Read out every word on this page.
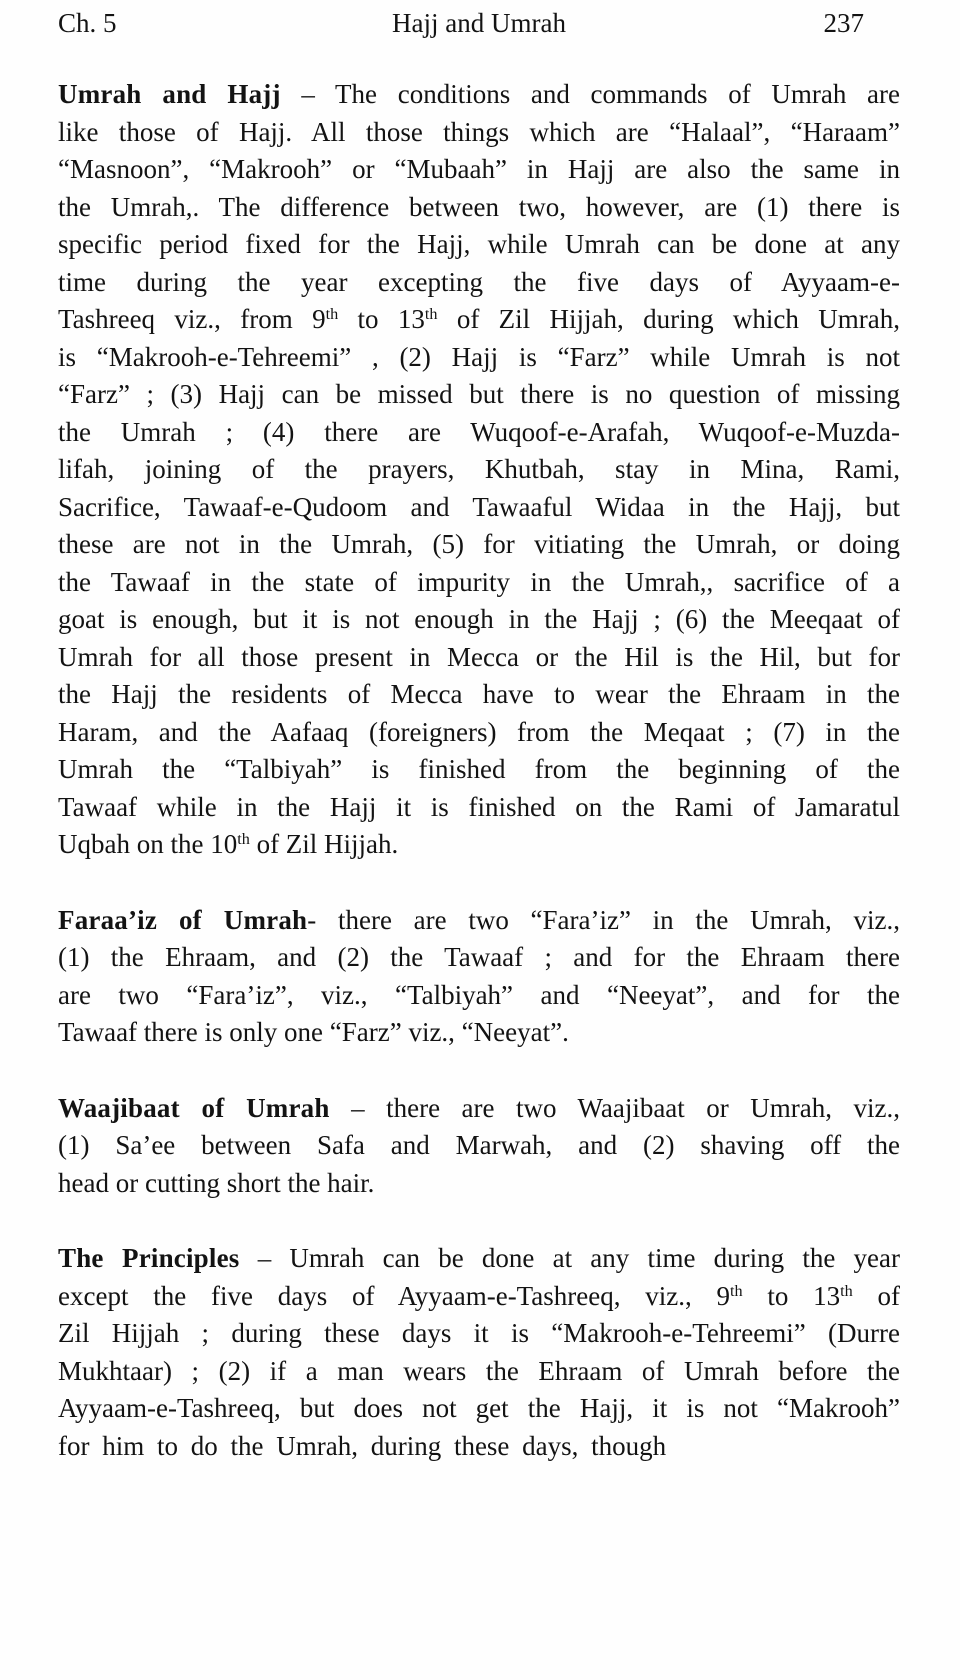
Ch. 5	Hajj and Umrah	237
Umrah and Hajj – The conditions and commands of Umrah are
like those of Hajj. All those things which are “Halaal”, “Haraam”
“Masnoon”, “Makrooh” or “Mubaah” in Hajj are also the same in
the Umrah,. The difference between two, however, are (1) there is
specific period fixed for the Hajj, while Umrah can be done at any
time during the year excepting the five days of Ayyaam-e-
Tashreeq viz., from 9th to 13th of Zil Hijjah, during which Umrah,
is “Makrooh-e-Tehreemi” , (2) Hajj is “Farz” while Umrah is not
“Farz” ; (3) Hajj can be missed but there is no question of missing
the Umrah ; (4) there are Wuqoof-e-Arafah, Wuqoof-e-Muzda-
lifah, joining of the prayers, Khutbah, stay in Mina, Rami,
Sacrifice, Tawaaf-e-Qudoom and Tawaaful Widaa in the Hajj, but
these are not in the Umrah, (5) for vitiating the Umrah, or doing
the Tawaaf in the state of impurity in the Umrah,, sacrifice of a
goat is enough, but it is not enough in the Hajj ; (6) the Meeqaat of
Umrah for all those present in Mecca or the Hil is the Hil, but for
the Hajj the residents of Mecca have to wear the Ehraam in the
Haram, and the Aafaaq (foreigners) from the Meqaat ; (7) in the
Umrah the “Talbiyah” is finished from the beginning of the
Tawaaf while in the Hajj it is finished on the Rami of Jamaratul
Uqbah on the 10th of Zil Hijjah.
Faraa’iz of Umrah- there are two “Fara’iz” in the Umrah, viz.,
(1) the Ehraam, and (2) the Tawaaf ; and for the Ehraam there
are two “Fara’iz”, viz., “Talbiyah” and “Neeyat”, and for the
Tawaaf there is only one “Farz” viz., “Neeyat”.
Waajibaat of Umrah – there are two Waajibaat or Umrah, viz.,
(1) Sa’ee between Safa and Marwah, and (2) shaving off the
head or cutting short the hair.
The Principles – Umrah can be done at any time during the year
except the five days of Ayyaam-e-Tashreeq, viz., 9th to 13th of
Zil Hijjah ; during these days it is “Makrooh-e-Tehreemi” (Durre
Mukhtaar) ; (2) if a man wears the Ehraam of Umrah before the
Ayyaam-e-Tashreeq, but does not get the Hajj, it is not “Makrooh”
for him to do the Umrah, during these days, though
